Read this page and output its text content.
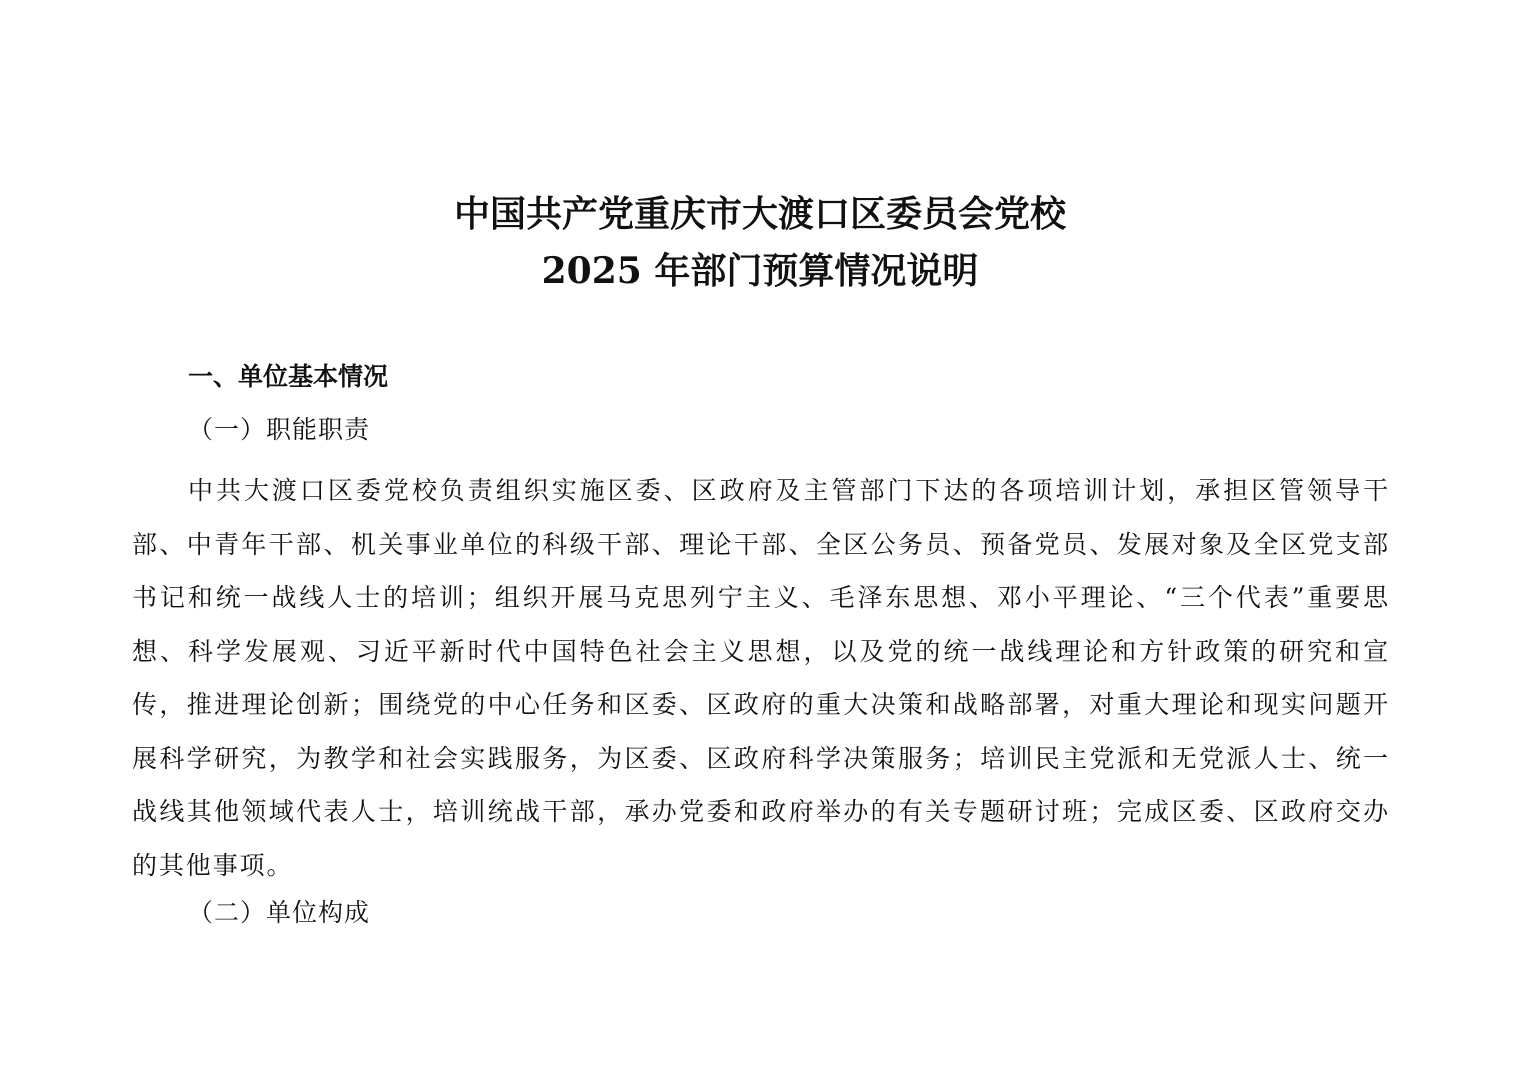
中国共产党重庆市大渡口区委员会党校
2025 年部门预算情况说明
一、单位基本情况
（一）职能职责

中共大渡口区委党校负责组织实施区委、区政府及主管部门下达的各项培训计划，承担区管领导干部、中青年干部、机关事业单位的科级干部、理论干部、全区公务员、预备党员、发展对象及全区党支部书记和统一战线人士的培训；组织开展马克思列宁主义、毛泽东思想、邓小平理论、“三个代表”重要思想、科学发展观、习近平新时代中国特色社会主义思想，以及党的统一战线理论和方针政策的研究和宣传，推进理论创新；围绕党的中心任务和区委、区政府的重大决策和战略部署，对重大理论和现实问题开展科学研究，为教学和社会实践服务，为区委、区政府科学决策服务；培训民主党派和无党派人士、统一战线其他领域代表人士，培训统战干部，承办党委和政府举办的有关专题研讨班；完成区委、区政府交办的其他事项。

（二）单位构成
